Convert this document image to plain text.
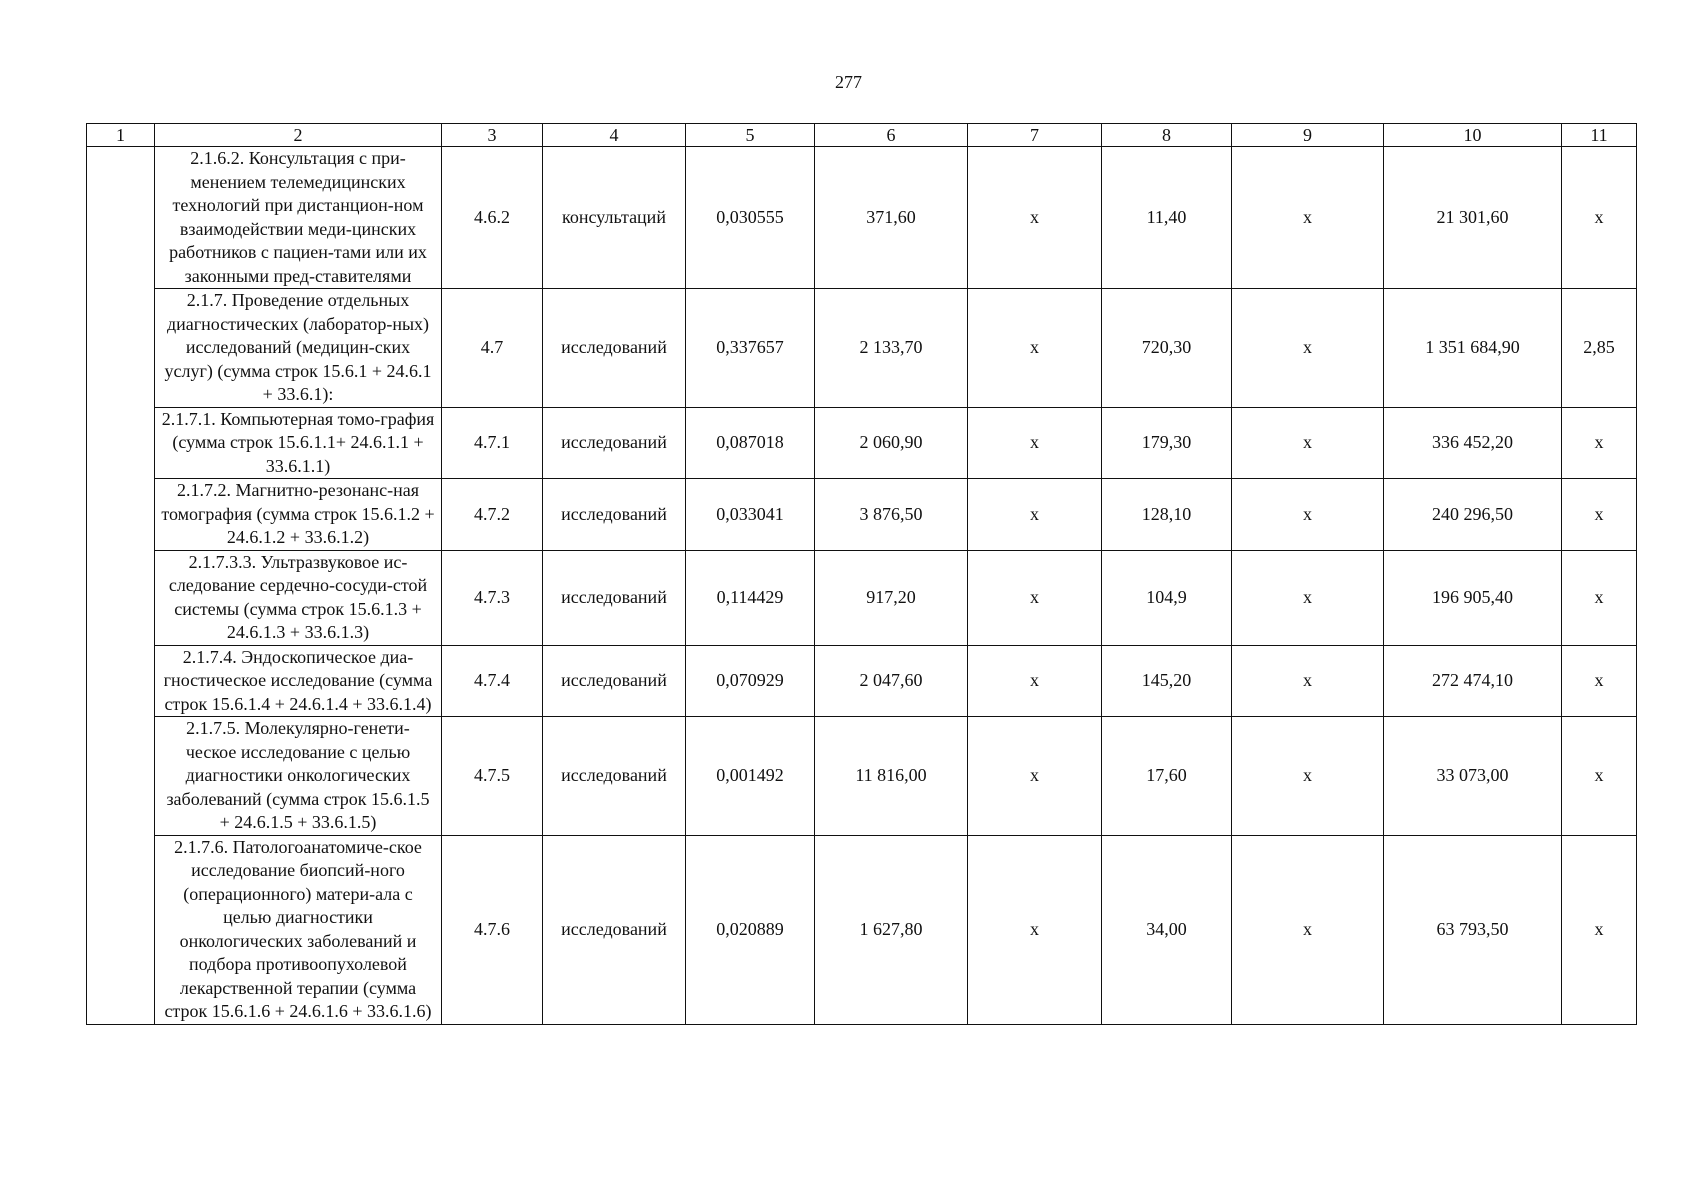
277
1	2	3	4	5	6	7	8	9	10	11
	2.1.6.2. Консультация с при-менением телемедицинских технологий при дистанцион-ном взаимодействии меди-цинских работников с пациен-тами или их законными пред-ставителями	4.6.2	консультаций	0,030555	371,60	х	11,40	х	21 301,60	х
	2.1.7. Проведение отдельных диагностических (лаборатор-ных) исследований (медицин-ских услуг) (сумма строк 15.6.1 + 24.6.1 + 33.6.1):	4.7	исследований	0,337657	2 133,70	х	720,30	х	1 351 684,90	2,85
	2.1.7.1. Компьютерная томо-графия (сумма строк 15.6.1.1+ 24.6.1.1 + 33.6.1.1)	4.7.1	исследований	0,087018	2 060,90	х	179,30	х	336 452,20	х
	2.1.7.2. Магнитно-резонанс-ная томография (сумма строк 15.6.1.2 + 24.6.1.2 + 33.6.1.2)	4.7.2	исследований	0,033041	3 876,50	х	128,10	х	240 296,50	х
	2.1.7.3.3. Ультразвуковое ис-следование сердечно-сосуди-стой системы (сумма строк 15.6.1.3 + 24.6.1.3 + 33.6.1.3)	4.7.3	исследований	0,114429	917,20	х	104,9	х	196 905,40	х
	2.1.7.4. Эндоскопическое диа-гностическое исследование (сумма строк 15.6.1.4 + 24.6.1.4 + 33.6.1.4)	4.7.4	исследований	0,070929	2 047,60	х	145,20	х	272 474,10	х
	2.1.7.5. Молекулярно-генети-ческое исследование с целью диагностики онкологических заболеваний (сумма строк 15.6.1.5 + 24.6.1.5 + 33.6.1.5)	4.7.5	исследований	0,001492	11 816,00	х	17,60	х	33 073,00	х
	2.1.7.6. Патологоанатомиче-ское исследование биопсий-ного (операционного) матери-ала с целью диагностики онкологических заболеваний и подбора противоопухолевой лекарственной терапии (сумма строк 15.6.1.6 + 24.6.1.6 + 33.6.1.6)	4.7.6	исследований	0,020889	1 627,80	х	34,00	х	63 793,50	х
